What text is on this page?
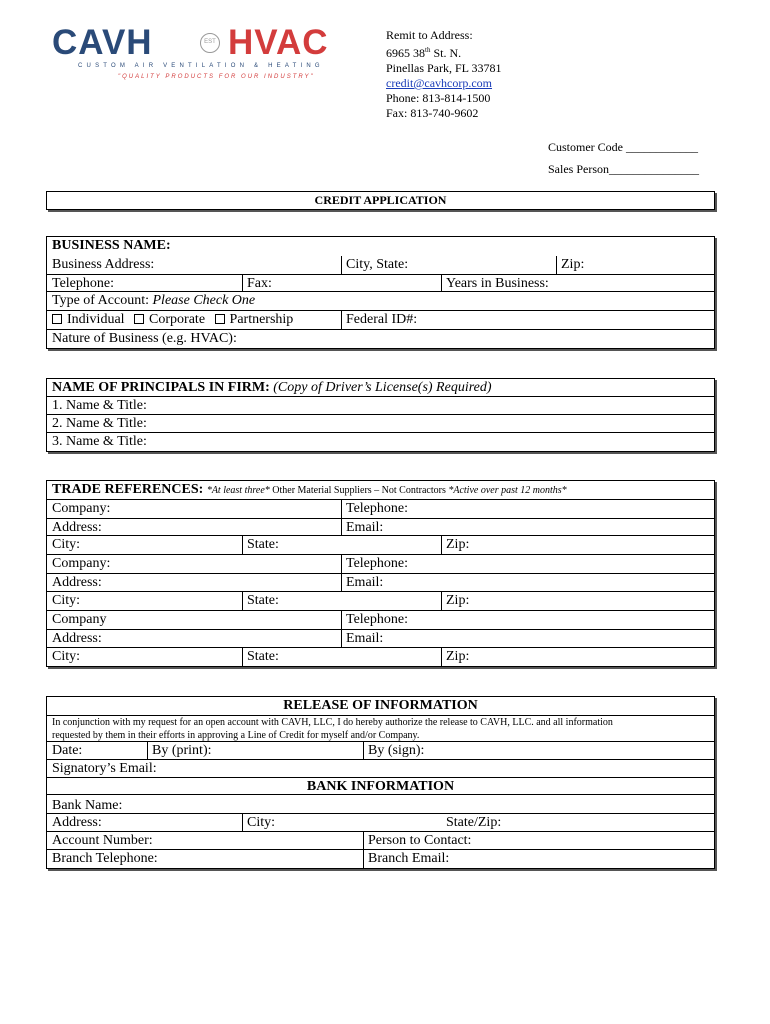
CAVH	EST HVAC
CUSTOM AIR VENTILATION & HEATING
"QUALITY PRODUCTS FOR OUR INDUSTRY"
Remit to Address:
6965 38th St. N.
Pinellas Park, FL 33781
credit@cavhcorp.com
Phone: 813-814-1500
Fax: 813-740-9602
Customer Code ____________
Sales Person_______________
CREDIT APPLICATION
BUSINESS NAME:
Business Address:	City, State:	Zip:
Telephone:	Fax:	Years in Business:
Type of Account: Please Check One
Individual Corporate Partnership	Federal ID#:
Nature of Business (e.g. HVAC):
NAME OF PRINCIPALS IN FIRM: (Copy of Driver’s License(s) Required)
1. Name & Title:
2. Name & Title:
3. Name & Title:
TRADE REFERENCES: *At least three* Other Material Suppliers – Not Contractors *Active over past 12 months*
Company:	Telephone:
Address:	Email:
City:	State:	Zip:
Company:	Telephone:
Address:	Email:
City:	State:	Zip:
Company	Telephone:
Address:	Email:
City:	State:	Zip:
RELEASE OF INFORMATION
In conjunction with my request for an open account with CAVH, LLC, I do hereby authorize the release to CAVH, LLC. and all information
requested by them in their efforts in approving a Line of Credit for myself and/or Company.
Date:	By (print):	By (sign):
Signatory’s Email:
BANK INFORMATION
Bank Name:
Address:	City:	State/Zip:
Account Number:	Person to Contact:
Branch Telephone:	Branch Email:
